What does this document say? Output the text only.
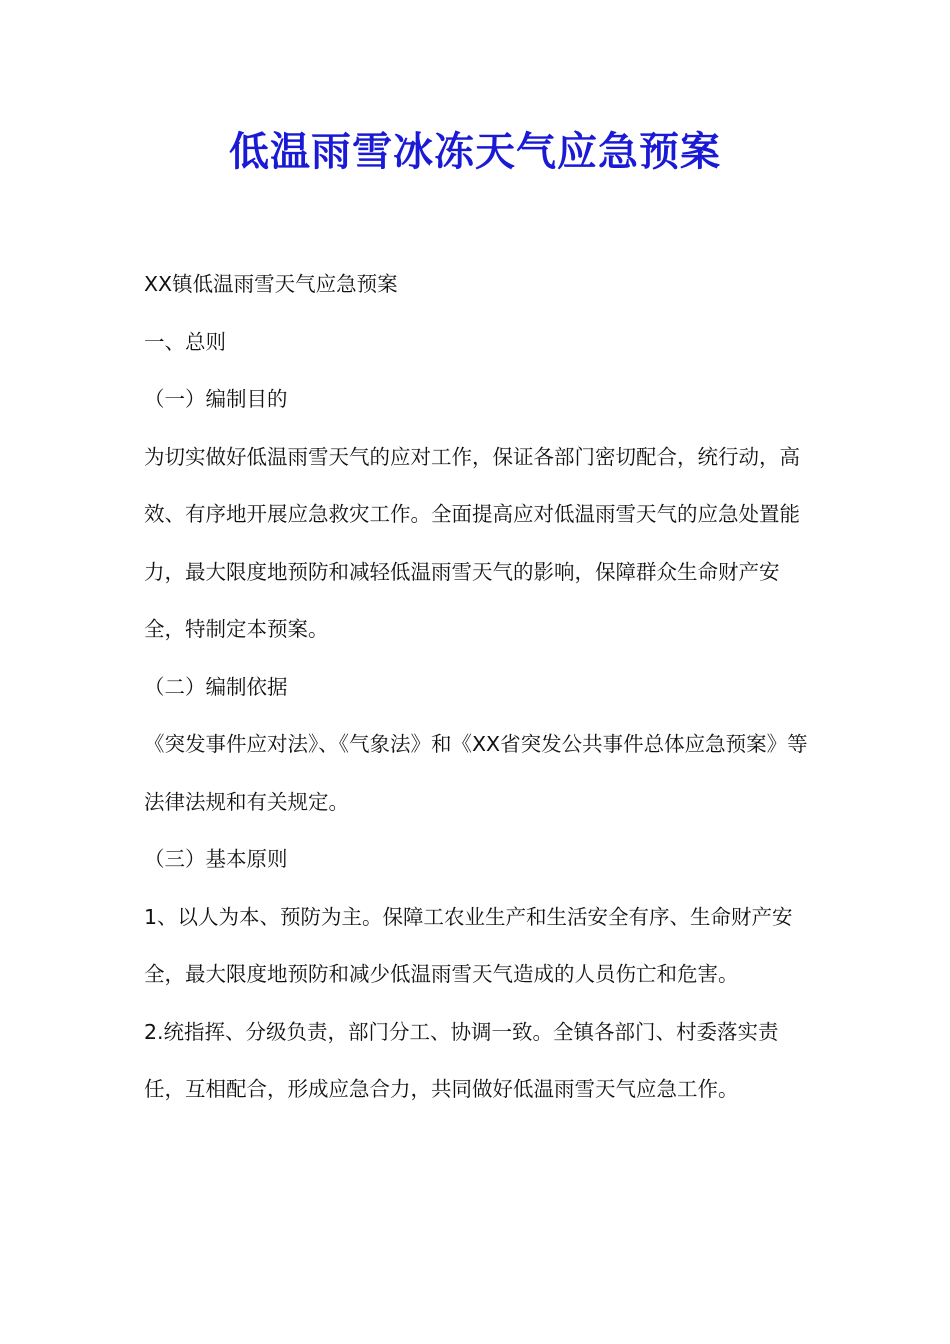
低温雨雪冰冻天气应急预案

XX镇低温雨雪天气应急预案

一、总则

（一）编制目的

为切实做好低温雨雪天气的应对工作，保证各部门密切配合，统行动，高效、有序地开展应急救灾工作。全面提高应对低温雨雪天气的应急处置能力，最大限度地预防和减轻低温雨雪天气的影响，保障群众生命财产安全，特制定本预案。

（二）编制依据

《突发事件应对法》、《气象法》和《XX省突发公共事件总体应急预案》等法律法规和有关规定。

（三）基本原则

1、以人为本、预防为主。保障工农业生产和生活安全有序、生命财产安全，最大限度地预防和减少低温雨雪天气造成的人员伤亡和危害。

2.统指挥、分级负责，部门分工、协调一致。全镇各部门、村委落实责任，互相配合，形成应急合力，共同做好低温雨雪天气应急工作。
